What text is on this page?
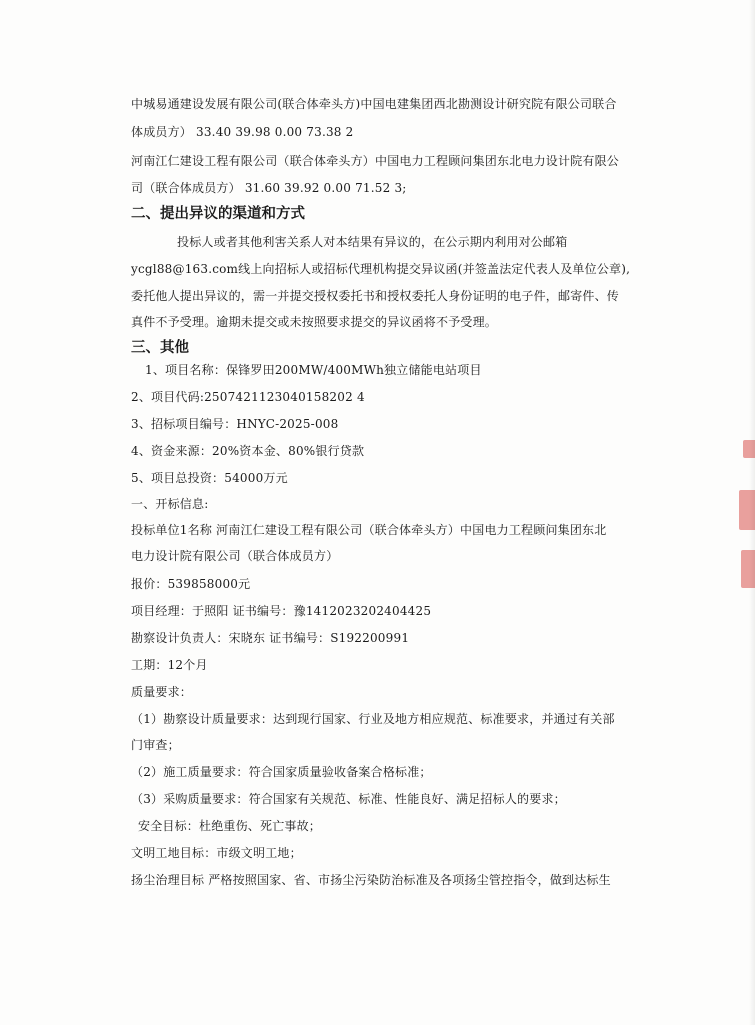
中城易通建设发展有限公司(联合体牵头方)中国电建集团西北勘测设计研究院有限公司联合
体成员方） 33.40 39.98 0.00 73.38 2
河南江仁建设工程有限公司（联合体牵头方）中国电力工程顾问集团东北电力设计院有限公
司（联合体成员方） 31.60 39.92 0.00 71.52 3;
二、提出异议的渠道和方式
投标人或者其他利害关系人对本结果有异议的，在公示期内利用对公邮箱
ycgl88@163.com线上向招标人或招标代理机构提交异议函(并签盖法定代表人及单位公章),
委托他人提出异议的，需一并提交授权委托书和授权委托人身份证明的电子件，邮寄件、传
真件不予受理。逾期未提交或未按照要求提交的异议函将不予受理。
三、其他
1、项目名称：保锋罗田200MW/400MWh独立储能电站项目
2、项目代码:2507421123040158202 4
3、招标项目编号：HNYC-2025-008
4、资金来源：20%资本金、80%银行贷款
5、项目总投资：54000万元
一、开标信息:
投标单位1名称 河南江仁建设工程有限公司（联合体牵头方）中国电力工程顾问集团东北
电力设计院有限公司（联合体成员方）
报价：539858000元
项目经理：于照阳 证书编号：豫1412023202404425
勘察设计负责人：宋晓东 证书编号：S192200991
工期：12个月
质量要求：
（1）勘察设计质量要求：达到现行国家、行业及地方相应规范、标准要求，并通过有关部
门审查；
（2）施工质量要求：符合国家质量验收备案合格标准；
（3）采购质量要求：符合国家有关规范、标准、性能良好、满足招标人的要求；
安全目标：杜绝重伤、死亡事故；
文明工地目标：市级文明工地；
扬尘治理目标 严格按照国家、省、市扬尘污染防治标准及各项扬尘管控指令，做到达标生
